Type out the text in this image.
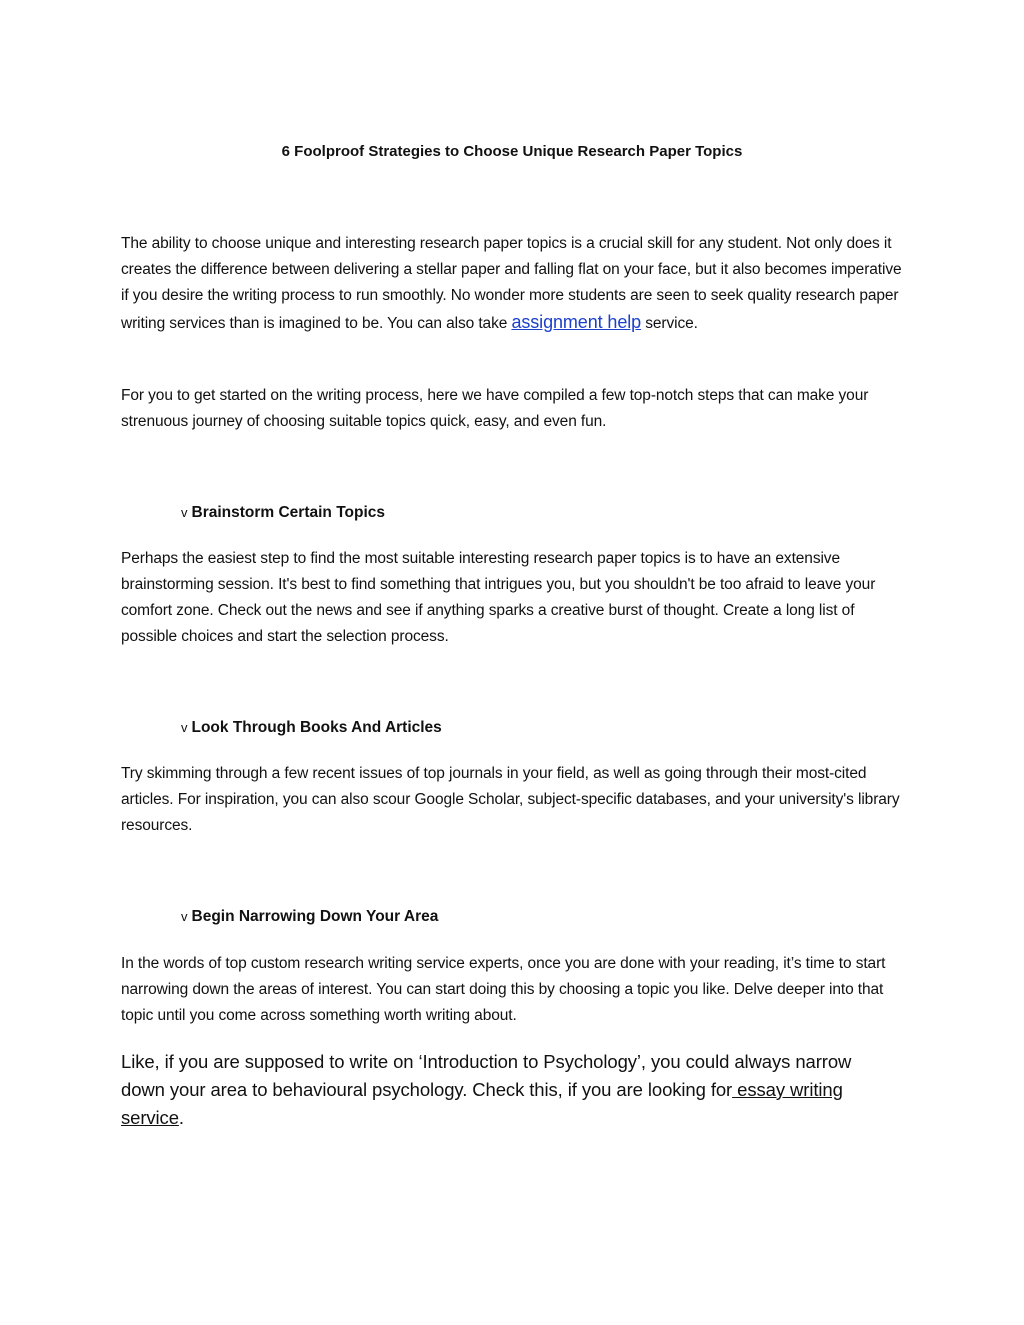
6 Foolproof Strategies to Choose Unique Research Paper Topics

The ability to choose unique and interesting research paper topics is a crucial skill for any student. Not only does it creates the difference between delivering a stellar paper and falling flat on your face, but it also becomes imperative if you desire the writing process to run smoothly. No wonder more students are seen to seek quality research paper writing services than is imagined to be. You can also take assignment help service.

For you to get started on the writing process, here we have compiled a few top-notch steps that can make your strenuous journey of choosing suitable topics quick, easy, and even fun.

v Brainstorm Certain Topics

Perhaps the easiest step to find the most suitable interesting research paper topics is to have an extensive brainstorming session. It's best to find something that intrigues you, but you shouldn't be too afraid to leave your comfort zone. Check out the news and see if anything sparks a creative burst of thought. Create a long list of possible choices and start the selection process.

v Look Through Books And Articles

Try skimming through a few recent issues of top journals in your field, as well as going through their most-cited articles. For inspiration, you can also scour Google Scholar, subject-specific databases, and your university's library resources.

v Begin Narrowing Down Your Area

In the words of top custom research writing service experts, once you are done with your reading, it’s time to start narrowing down the areas of interest. You can start doing this by choosing a topic you like. Delve deeper into that topic until you come across something worth writing about.

Like, if you are supposed to write on ‘Introduction to Psychology’, you could always narrow down your area to behavioural psychology. Check this, if you are looking for essay writing service.
